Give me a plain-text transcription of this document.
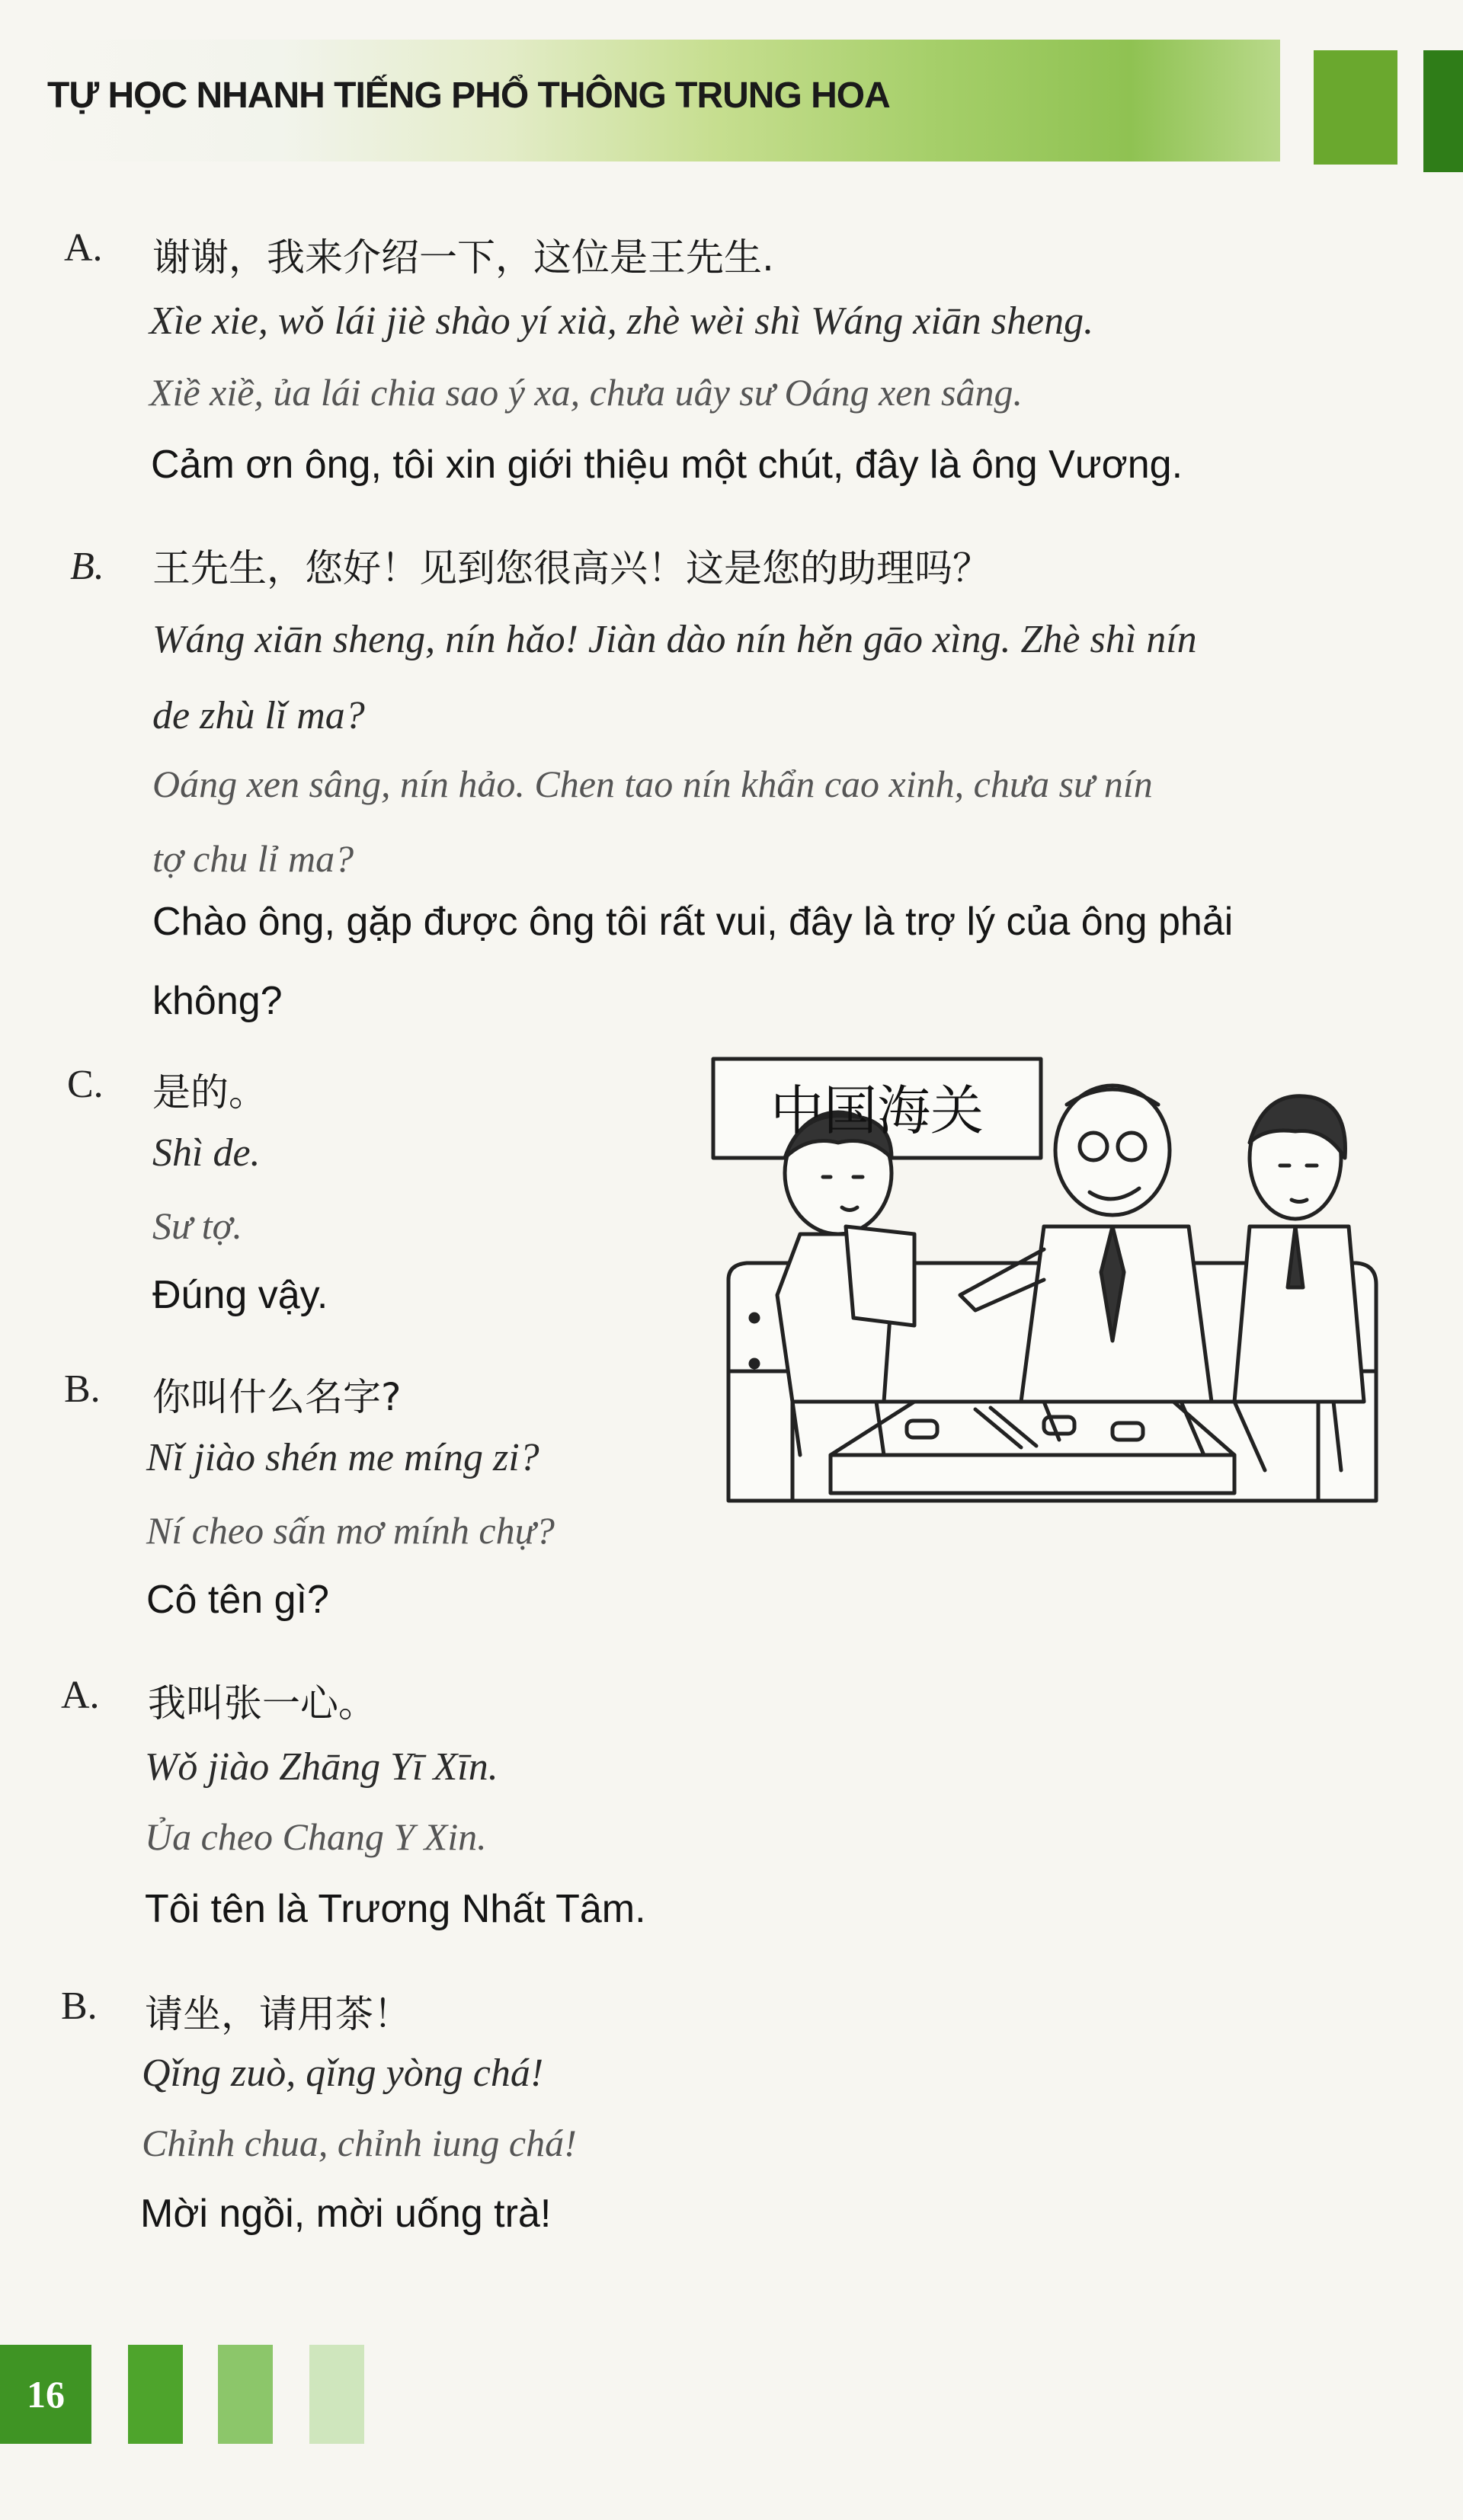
TỰ HỌC NHANH TIẾNG PHỔ THÔNG TRUNG HOA
A. 谢谢，我来介绍一下，这位是王先生.
Xìe xie, wǒ lái jiè shào yí xià, zhè wèi shì Wáng xiān sheng.
Xiề xiề, ủa lái chia sao ý xa, chưa uây sư Oáng xen sâng.
Cảm ơn ông, tôi xin giới thiệu một chút, đây là ông Vương.
B. 王先生，您好！见到您很高兴！这是您的助理吗？
Wáng xiān sheng, nín hǎo! Jiàn dào nín hěn gāo xìng. Zhè shì nín
de zhù lǐ ma?
Oáng xen sâng, nín hảo. Chen tao nín khẩn cao xinh, chưa sư nín
tợ chu lỉ ma?
Chào ông, gặp được ông tôi rất vui, đây là trợ lý của ông phải
không?
C. 是的。
Shì de.
Sư tợ.
Đúng vậy.
B. 你叫什么名字?
Nǐ jiào shén me míng zi?
Ní cheo sấn mơ mính chự?
Cô tên gì?
A. 我叫张一心。
Wǒ jiào Zhāng Yī Xīn.
Ủa cheo Chang Y Xin.
Tôi tên là Trương Nhất Tâm.
B. 请坐，请用茶！
Qǐng zuò, qǐng yòng chá!
Chỉnh chua, chỉnh iung chá!
Mời ngồi, mời uống trà!
中国海关
16
